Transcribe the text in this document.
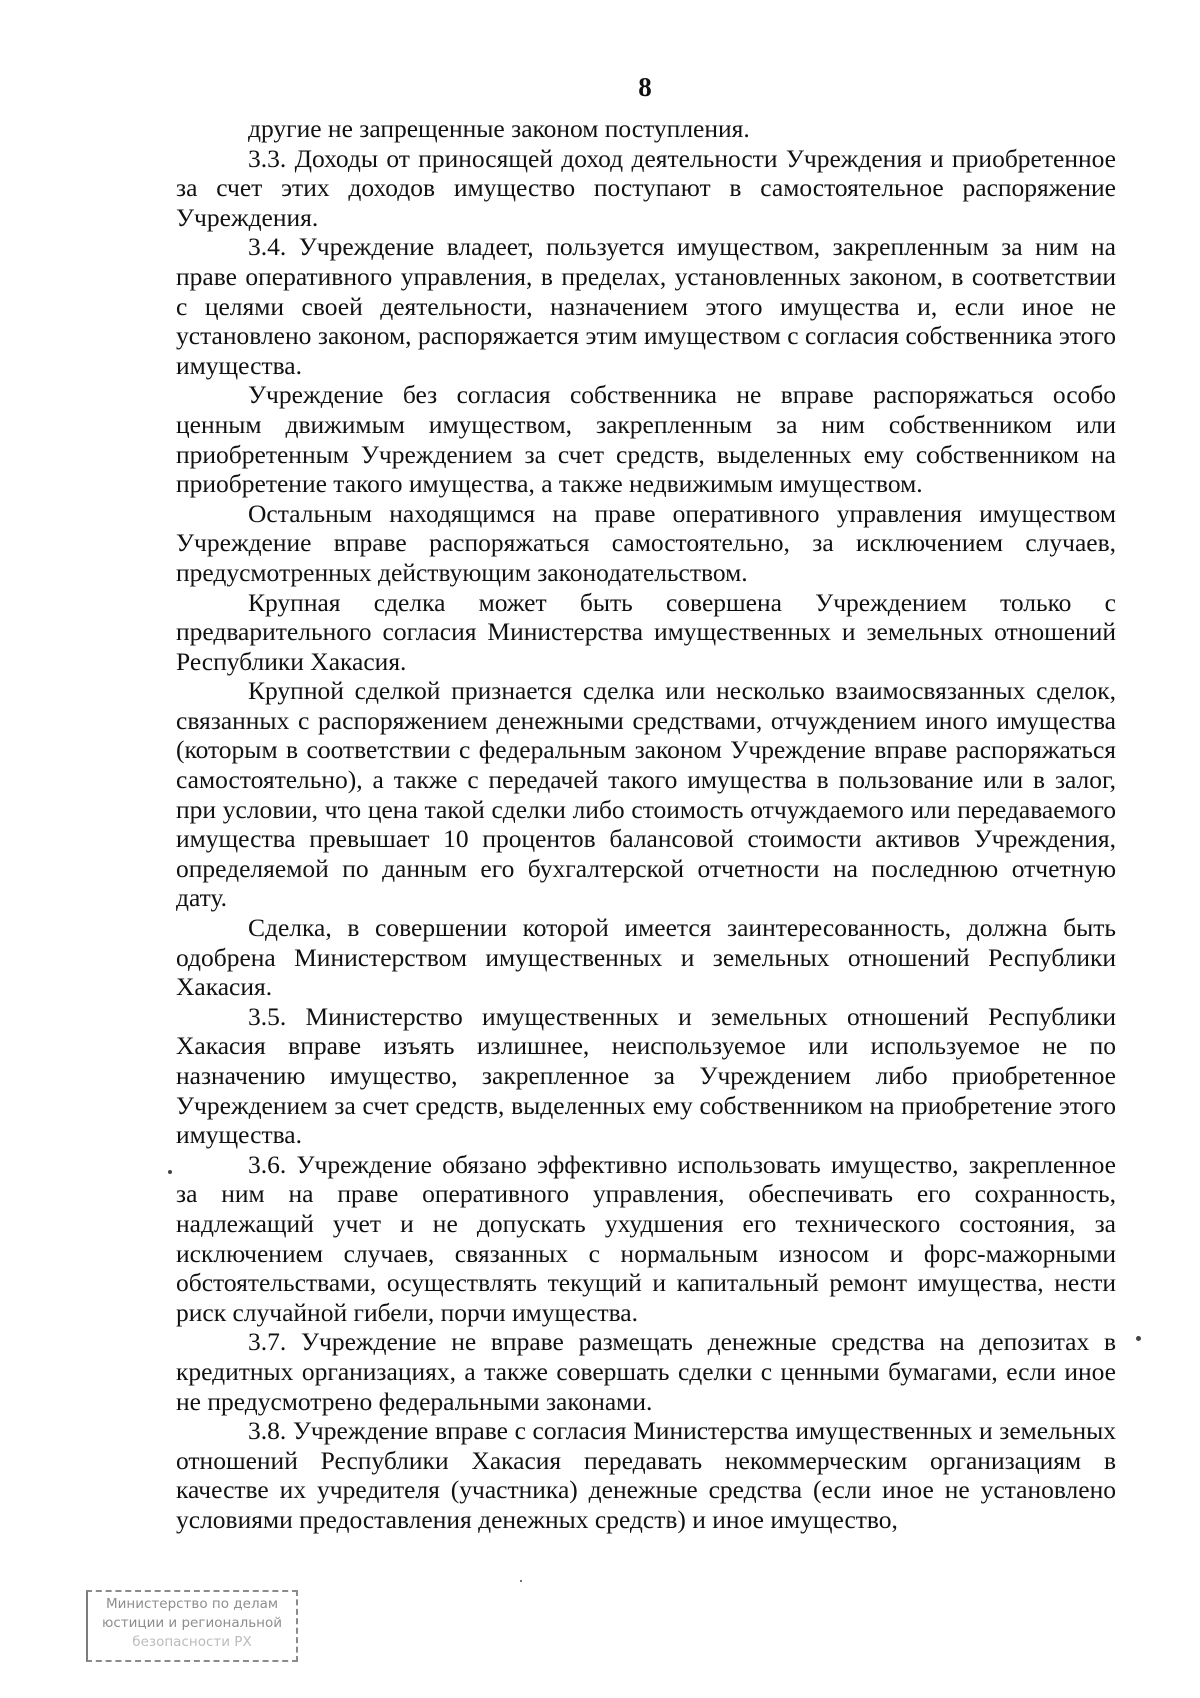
8

другие не запрещенные законом поступления.

3.3. Доходы от приносящей доход деятельности Учреждения и приобретенное за счет этих доходов имущество поступают в самостоятельное распоряжение Учреждения.

3.4. Учреждение владеет, пользуется имуществом, закрепленным за ним на праве оперативного управления, в пределах, установленных законом, в соответствии с целями своей деятельности, назначением этого имущества и, если иное не установлено законом, распоряжается этим имуществом с согласия собственника этого имущества.

Учреждение без согласия собственника не вправе распоряжаться особо ценным движимым имуществом, закрепленным за ним собственником или приобретенным Учреждением за счет средств, выделенных ему собственником на приобретение такого имущества, а также недвижимым имуществом.

Остальным находящимся на праве оперативного управления имуществом Учреждение вправе распоряжаться самостоятельно, за исключением случаев, предусмотренных действующим законодательством.

Крупная сделка может быть совершена Учреждением только с предварительного согласия Министерства имущественных и земельных отношений Республики Хакасия.

Крупной сделкой признается сделка или несколько взаимосвязанных сделок, связанных с распоряжением денежными средствами, отчуждением иного имущества (которым в соответствии с федеральным законом Учреждение вправе распоряжаться самостоятельно), а также с передачей такого имущества в пользование или в залог, при условии, что цена такой сделки либо стоимость отчуждаемого или передаваемого имущества превышает 10 процентов балансовой стоимости активов Учреждения, определяемой по данным его бухгалтерской отчетности на последнюю отчетную дату.

Сделка, в совершении которой имеется заинтересованность, должна быть одобрена Министерством имущественных и земельных отношений Республики Хакасия.

3.5. Министерство имущественных и земельных отношений Республики Хакасия вправе изъять излишнее, неиспользуемое или используемое не по назначению имущество, закрепленное за Учреждением либо приобретенное Учреждением за счет средств, выделенных ему собственником на приобретение этого имущества.

3.6. Учреждение обязано эффективно использовать имущество, закрепленное за ним на праве оперативного управления, обеспечивать его сохранность, надлежащий учет и не допускать ухудшения его технического состояния, за исключением случаев, связанных с нормальным износом и форс-мажорными обстоятельствами, осуществлять текущий и капитальный ремонт имущества, нести риск случайной гибели, порчи имущества.

3.7. Учреждение не вправе размещать денежные средства на депозитах в кредитных организациях, а также совершать сделки с ценными бумагами, если иное не предусмотрено федеральными законами.

3.8. Учреждение вправе с согласия Министерства имущественных и земельных отношений Республики Хакасия передавать некоммерческим организациям в качестве их учредителя (участника) денежные средства (если иное не установлено условиями предоставления денежных средств) и иное имущество,

Министерство по делам
юстиции и региональной
безопасности РХ
